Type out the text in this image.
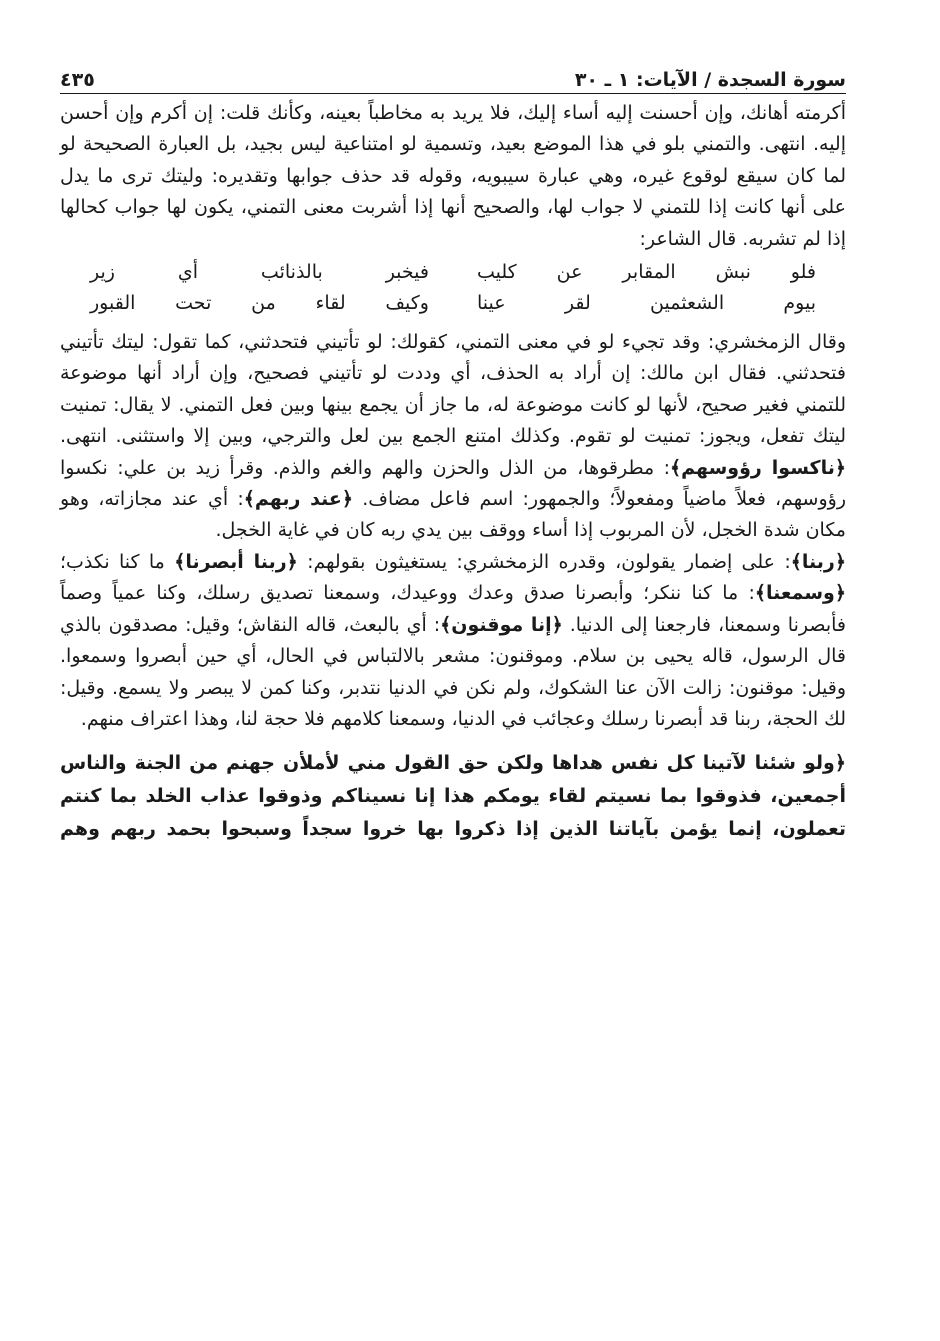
سورة السجدة / الآيات: ١ ـ ٣٠
٤٣٥

أكرمته أهانك، وإن أحسنت إليه أساء إليك، فلا يريد به مخاطباً بعينه، وكأنك قلت: إن أكرم وإن أحسن إليه. انتهى. والتمني بلو في هذا الموضع بعيد، وتسمية لو امتناعية ليس بجيد، بل العبارة الصحيحة لو لما كان سيقع لوقوع غيره، وهي عبارة سيبويه، وقوله قد حذف جوابها وتقديره: وليتك ترى ما يدل على أنها كانت إذا للتمني لا جواب لها، والصحيح أنها إذا أشربت معنى التمني، يكون لها جواب كحالها إذا لم تشربه. قال الشاعر:

فلو نبش المقابر عن كليب
فيخبر بالذنائب أي زير
بيوم الشعثمين لقر عينا
وكيف لقاء من تحت القبور

وقال الزمخشري: وقد تجيء لو في معنى التمني، كقولك: لو تأتيني فتحدثني، كما تقول: ليتك تأتيني فتحدثني. فقال ابن مالك: إن أراد به الحذف، أي وددت لو تأتيني فصحيح، وإن أراد أنها موضوعة للتمني فغير صحيح، لأنها لو كانت موضوعة له، ما جاز أن يجمع بينها وبين فعل التمني. لا يقال: تمنيت ليتك تفعل، ويجوز: تمنيت لو تقوم. وكذلك امتنع الجمع بين لعل والترجي، وبين إلا واستثنى. انتهى. ﴿ناكسوا رؤوسهم﴾: مطرقوها، من الذل والحزن والهم والغم والذم. وقرأ زيد بن علي: نكسوا رؤوسهم، فعلاً ماضياً ومفعولاً؛ والجمهور: اسم فاعل مضاف. ﴿عند ربهم﴾: أي عند مجازاته، وهو مكان شدة الخجل، لأن المربوب إذا أساء ووقف بين يدي ربه كان في غاية الخجل.

﴿ربنا﴾: على إضمار يقولون، وقدره الزمخشري: يستغيثون بقولهم: ﴿ربنا أبصرنا﴾ ما كنا نكذب؛ ﴿وسمعنا﴾: ما كنا ننكر؛ وأبصرنا صدق وعدك ووعيدك، وسمعنا تصديق رسلك، وكنا عمياً وصماً فأبصرنا وسمعنا، فارجعنا إلى الدنيا. ﴿إنا موقنون﴾: أي بالبعث، قاله النقاش؛ وقيل: مصدقون بالذي قال الرسول، قاله يحيى بن سلام. وموقنون: مشعر بالالتباس في الحال، أي حين أبصروا وسمعوا. وقيل: موقنون: زالت الآن عنا الشكوك، ولم نكن في الدنيا نتدبر، وكنا كمن لا يبصر ولا يسمع. وقيل: لك الحجة، ربنا قد أبصرنا رسلك وعجائب في الدنيا، وسمعنا كلامهم فلا حجة لنا، وهذا اعتراف منهم.

﴿ولو شئنا لآتينا كل نفس هداها ولكن حق القول مني لأملأن جهنم من الجنة والناس أجمعين، فذوقوا بما نسيتم لقاء يومكم هذا إنا نسيناكم وذوقوا عذاب الخلد بما كنتم تعملون، إنما يؤمن بآياتنا الذين إذا ذكروا بها خروا سجداً وسبحوا بحمد ربهم وهم
